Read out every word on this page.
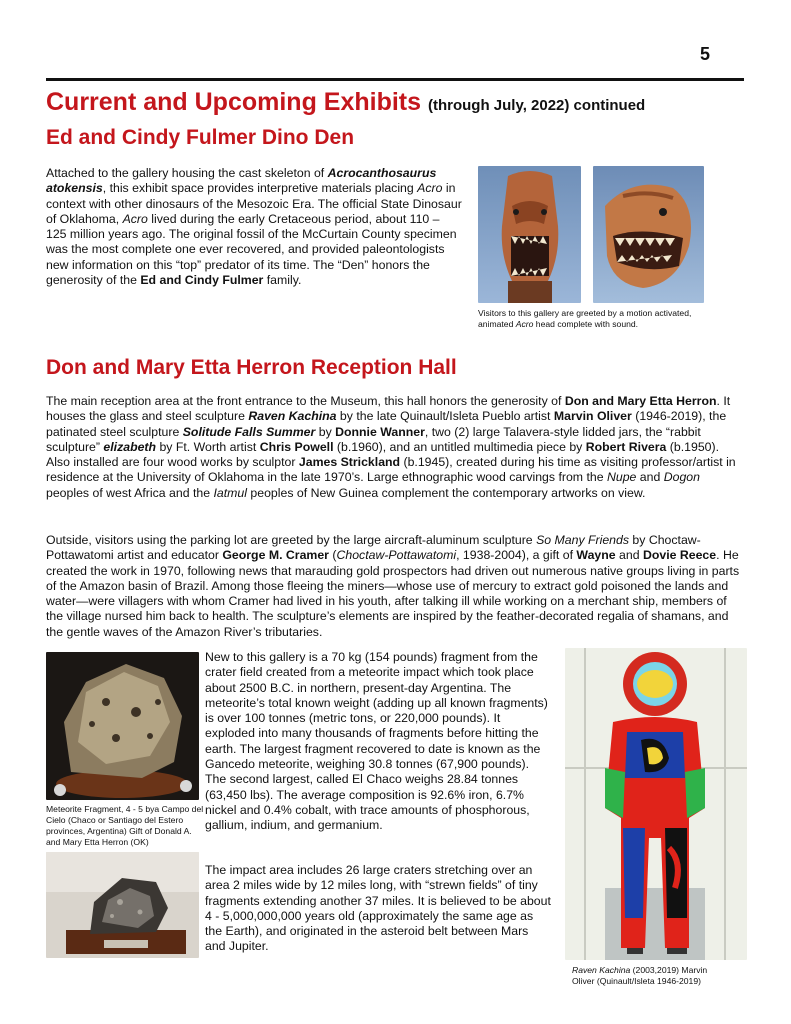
5
Current and Upcoming Exhibits (through July, 2022) continued
Ed and Cindy Fulmer Dino Den
Attached to the gallery housing the cast skeleton of Acrocanthosaurus atokensis, this exhibit space provides interpretive materials placing Acro in context with other dinosaurs of the Mesozoic Era. The official State Dinosaur of Oklahoma, Acro lived during the early Cretaceous period, about 110 – 125 million years ago. The original fossil of the McCurtain County specimen was the most complete one ever recovered, and provided paleontologists new information on this “top” predator of its time. The “Den” honors the generosity of the Ed and Cindy Fulmer family.
Visitors to this gallery are greeted by a motion activated, animated Acro head complete with sound.
Don and Mary Etta Herron Reception Hall
The main reception area at the front entrance to the Museum, this hall honors the generosity of Don and Mary Etta Herron. It houses the glass and steel sculpture Raven Kachina by the late Quinault/Isleta Pueblo artist Marvin Oliver (1946-2019), the patinated steel sculpture Solitude Falls Summer by Donnie Wanner, two (2) large Talavera-style lidded jars, the “rabbit sculpture” elizabeth by Ft. Worth artist Chris Powell (b.1960), and an untitled multimedia piece by Robert Rivera (b.1950). Also installed are four wood works by sculptor James Strickland (b.1945), created during his time as visiting professor/artist in residence at the University of Oklahoma in the late 1970’s. Large ethnographic wood carvings from the Nupe and Dogon peoples of west Africa and the Iatmul peoples of New Guinea complement the contemporary artworks on view.
Outside, visitors using the parking lot are greeted by the large aircraft-aluminum sculpture So Many Friends by Choctaw-Pottawatomi artist and educator George M. Cramer (Choctaw-Pottawatomi, 1938-2004), a gift of Wayne and Dovie Reece. He created the work in 1970, following news that marauding gold prospectors had driven out numerous native groups living in parts of the Amazon basin of Brazil. Among those fleeing the miners—whose use of mercury to extract gold poisoned the lands and water—were villagers with whom Cramer had lived in his youth, after talking ill while working on a merchant ship, members of the village nursed him back to health. The sculpture’s elements are inspired by the feather-decorated regalia of shamans, and the gentle waves of the Amazon River’s tributaries.
Meteorite Fragment, 4 - 5 bya Campo del Cielo (Chaco or Santiago del Estero provinces, Argentina) Gift of Donald A. and Mary Etta Herron (OK)
New to this gallery is a 70 kg (154 pounds) fragment from the crater field created from a meteorite impact which took place about 2500 B.C. in northern, present-day Argentina. The meteorite’s total known weight (adding up all known fragments) is over 100 tonnes (metric tons, or 220,000 pounds). It exploded into many thousands of fragments before hitting the earth. The largest fragment recovered to date is known as the Gancedo meteorite, weighing 30.8 tonnes (67,900 pounds). The second largest, called El Chaco weighs 28.84 tonnes (63,450 lbs). The average composition is 92.6% iron, 6.7% nickel and 0.4% cobalt, with trace amounts of phosphorous, gallium, indium, and germanium.
The impact area includes 26 large craters stretching over an area 2 miles wide by 12 miles long, with “strewn fields” of tiny fragments extending another 37 miles. It is believed to be about 4 - 5,000,000,000 years old (approximately the same age as the Earth), and originated in the asteroid belt between Mars and Jupiter.
Raven Kachina (2003,2019) Marvin Oliver (Quinault/Isleta 1946-2019)
